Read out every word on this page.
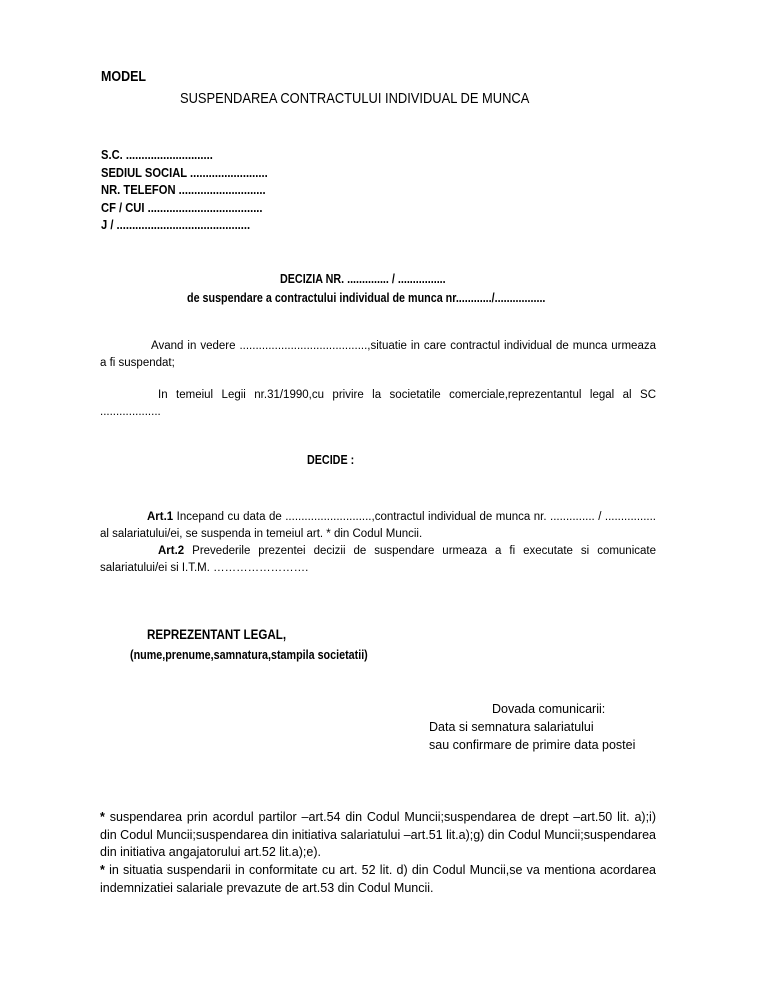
MODEL
SUSPENDAREA CONTRACTULUI INDIVIDUAL DE MUNCA
S.C. ............................
SEDIUL SOCIAL .........................
NR. TELEFON ............................
CF / CUI .....................................
J / ...........................................
DECIZIA NR. .............. / ................
de suspendare a contractului individual de munca nr............/.................
Avand in vedere ........................................,situatie in care contractul individual de munca urmeaza a fi suspendat;
In temeiul Legii nr.31/1990,cu privire la societatile comerciale,reprezentantul legal al SC ...................
DECIDE :
Art.1 Incepand cu data de ...........................,contractul individual de munca nr. .............. / ................ al salariatului/ei, se suspenda in temeiul art. * din Codul Muncii.
Art.2 Prevederile prezentei decizii de suspendare urmeaza a fi executate si comunicate salariatului/ei si I.T.M. …………………….
REPREZENTANT LEGAL,
(nume,prenume,samnatura,stampila societatii)
Dovada comunicarii:
Data si semnatura salariatului
sau confirmare de primire data postei
* suspendarea prin acordul partilor –art.54 din Codul Muncii;suspendarea de drept –art.50 lit. a);i) din Codul Muncii;suspendarea din initiativa salariatului –art.51 lit.a);g) din Codul Muncii;suspendarea din initiativa angajatorului art.52 lit.a);e).
* in situatia suspendarii in conformitate cu art. 52 lit. d) din Codul Muncii,se va mentiona acordarea indemnizatiei salariale prevazute de art.53 din Codul Muncii.
